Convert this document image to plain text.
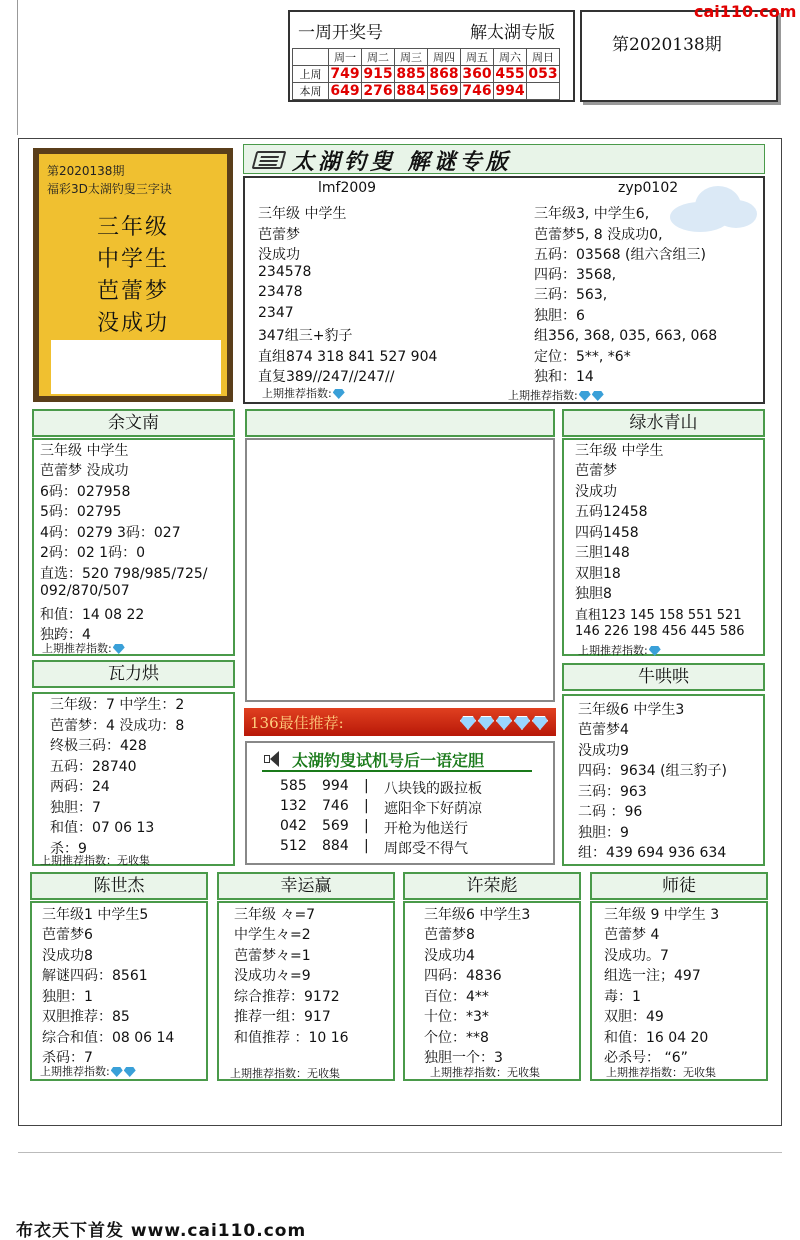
一周开奖号	解太湖专版
	周一	周二	周三	周四	周五	周六	周日
上周	749	915	885	868	360	455	053
本周	649	276	884	569	746	994	
第2020138期
cai110.com
第2020138期
福彩3D太湖钓叟三字诀
三年级
中学生
芭蕾梦
没成功
太湖钓叟 解谜专版
lmf2009
三年级 中学生
芭蕾梦
没成功
234578
23478
2347
347组三+豹子
直组874 318 841 527 904
直复389//247//247//
上期推荐指数:
zyp0102
三年级3, 中学生6,
芭蕾梦5, 8 没成功0,
五码：03568 (组六含组三)
四码：3568,
三码：563,
独胆：6
组356, 368, 035, 663, 068
定位：5**, *6*
独和：14
上期推荐指数:
余文南
三年级 中学生
芭蕾梦 没成功
6码：027958
5码：02795
4码：0279 3码：027
2码：02 1码：0
直选：520 798/985/725/
092/870/507
和值：14 08 22
独跨：4
上期推荐指数:
绿水青山
三年级 中学生
芭蕾梦
没成功
五码12458
四码1458
三胆148
双胆18
独胆8
直租123 145 158 551 521
146 226 198 456 445 586
上期推荐指数:
瓦力烘
三年级：7 中学生：2
芭蕾梦：4 没成功：8
终极三码：428
五码：28740
两码：24
独胆：7
和值：07 06 13
杀：9
上期推荐指数：无收集
136最佳推荐:
太湖钓叟试机号后一语定胆
585 994 | 八块钱的趿拉板
132 746 | 遮阳伞下好荫凉
042 569 | 开枪为他送行
512 884 | 周郎受不得气
牛哄哄
三年级6 中学生3
芭蕾梦4
没成功9
四码：9634 (组三豹子)
三码：963
二码 ：96
独胆：9
组：439 694 936 634
陈世杰
三年级1 中学生5
芭蕾梦6
没成功8
解谜四码：8561
独胆：1
双胆推荐：85
综合和值：08 06 14
杀码：7
上期推荐指数:
幸运赢
三年级 々=7
中学生々=2
芭蕾梦々=1
没成功々=9
综合推荐：9172
推荐一组：917
和值推荐 ：10 16
上期推荐指数：无收集
许荣彪
三年级6 中学生3
芭蕾梦8
没成功4
四码：4836
百位：4**
十位：*3*
个位：**8
独胆一个：3
上期推荐指数：无收集
师徒
三年级 9 中学生 3
芭蕾梦 4
没成功。7
组选一注；497
毒：1
双胆：49
和值：16 04 20
必杀号： “6”
上期推荐指数：无收集
布衣天下首发 www.cai110.com
